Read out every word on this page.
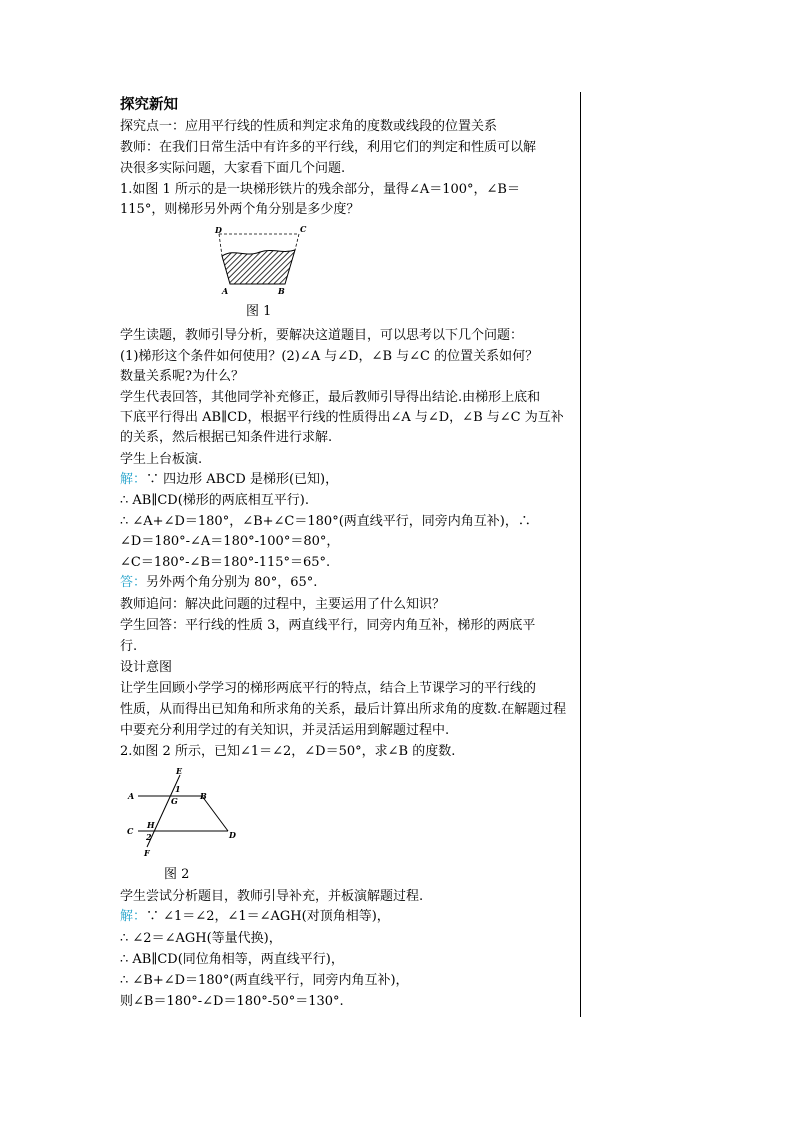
探究新知
探究点一：应用平行线的性质和判定求角的度数或线段的位置关系
教师：在我们日常生活中有许多的平行线，利用它们的判定和性质可以解
决很多实际问题，大家看下面几个问题.
1.如图 1 所示的是一块梯形铁片的残余部分，量得∠A＝100°，∠B＝
115°，则梯形另外两个角分别是多少度？
D	C
A	B
图 1
学生读题，教师引导分析，要解决这道题目，可以思考以下几个问题：
(1)梯形这个条件如何使用？(2)∠A 与∠D，∠B 与∠C 的位置关系如何？
数量关系呢?为什么？
学生代表回答，其他同学补充修正，最后教师引导得出结论.由梯形上底和
下底平行得出 AB∥CD，根据平行线的性质得出∠A 与∠D，∠B 与∠C 为互补
的关系，然后根据已知条件进行求解.
学生上台板演.
解：∵ 四边形 ABCD 是梯形(已知)，
∴ AB∥CD(梯形的两底相互平行).
∴ ∠A+∠D＝180°，∠B+∠C＝180°(两直线平行，同旁内角互补)，∴
∠D＝180°-∠A＝180°-100°＝80°，
∠C＝180°-∠B＝180°-115°＝65°.
答：另外两个角分别为 80°，65°.
教师追问：解决此问题的过程中，主要运用了什么知识？
学生回答：平行线的性质 3，两直线平行，同旁内角互补，梯形的两底平
行.
设计意图
让学生回顾小学学习的梯形两底平行的特点，结合上节课学习的平行线的
性质，从而得出已知角和所求角的关系，最后计算出所求角的度数.在解题过程
中要充分利用学过的有关知识，并灵活运用到解题过程中.
2.如图 2 所示，已知∠1＝∠2，∠D＝50°，求∠B 的度数.
E
1
A	G	B
C
H
2	D
F
图 2
学生尝试分析题目，教师引导补充，并板演解题过程.
解：∵ ∠1＝∠2，∠1＝∠AGH(对顶角相等)，
∴ ∠2＝∠AGH(等量代换)，
∴ AB∥CD(同位角相等，两直线平行)，
∴ ∠B+∠D＝180°(两直线平行，同旁内角互补)，
则∠B＝180°-∠D＝180°-50°＝130°.
